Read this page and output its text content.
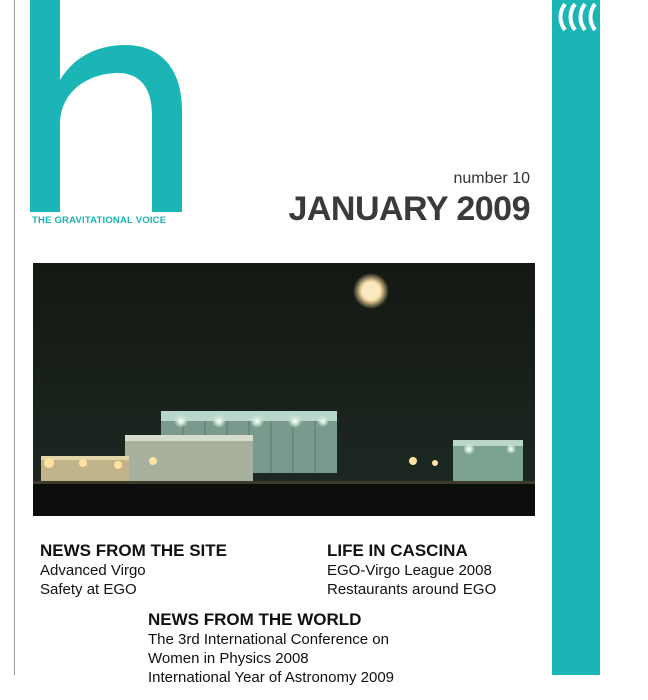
THE GRAVITATIONAL VOICE
number 10
JANUARY 2009
News from EGO and VIRGO
NEWS FROM THE SITE
Advanced Virgo
Safety at EGO
LIFE IN CASCINA
EGO-Virgo League 2008
Restaurants around EGO
NEWS FROM THE WORLD
The 3rd International Conference on
Women in Physics 2008
International Year of Astronomy 2009
